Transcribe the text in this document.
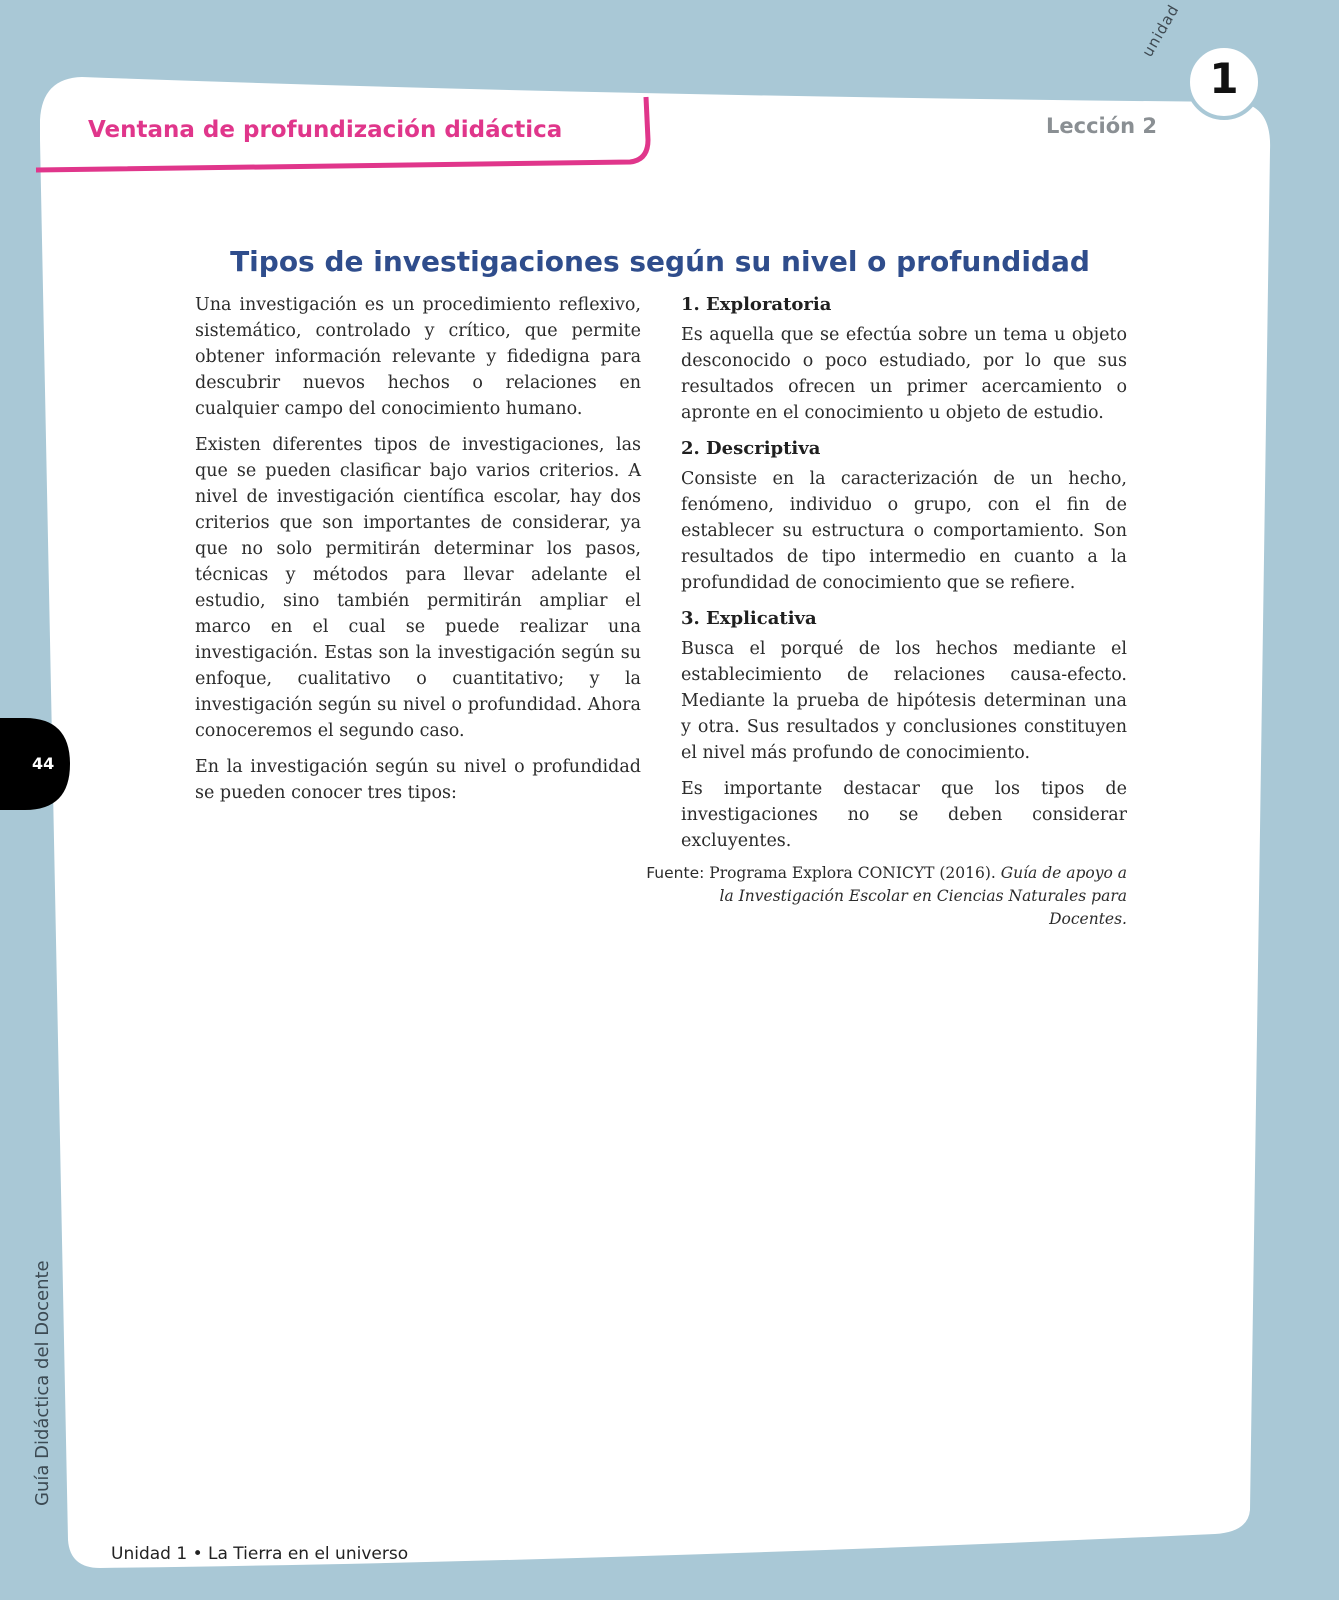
Ventana de profundización didáctica	Lección 2
unidad
1
Tipos de investigaciones según su nivel o profundidad

Una investigación es un procedimiento reflexivo, sistemático, controlado y crítico, que permite obtener información relevante y fidedigna para descubrir nuevos hechos o relaciones en cualquier campo del conocimiento humano.

Existen diferentes tipos de investigaciones, las que se pueden clasificar bajo varios criterios. A nivel de investigación científica escolar, hay dos criterios que son importantes de considerar, ya que no solo permitirán determinar los pasos, técnicas y métodos para llevar adelante el estudio, sino también permitirán ampliar el marco en el cual se puede realizar una investigación. Estas son la investigación según su enfoque, cualitativo o cuantitativo; y la investigación según su nivel o profundidad. Ahora conoceremos el segundo caso.

En la investigación según su nivel o profundidad se pueden conocer tres tipos:

1. Exploratoria

Es aquella que se efectúa sobre un tema u objeto desconocido o poco estudiado, por lo que sus resultados ofrecen un primer acercamiento o apronte en el conocimiento u objeto de estudio.

2. Descriptiva

Consiste en la caracterización de un hecho, fenómeno, individuo o grupo, con el fin de establecer su estructura o comportamiento. Son resultados de tipo intermedio en cuanto a la profundidad de conocimiento que se refiere.

3. Explicativa

Busca el porqué de los hechos mediante el establecimiento de relaciones causa-efecto. Mediante la prueba de hipótesis determinan una y otra. Sus resultados y conclusiones constituyen el nivel más profundo de conocimiento.

Es importante destacar que los tipos de investigaciones no se deben considerar excluyentes.

Fuente: Programa Explora CONICYT (2016). Guía de apoyo a la Investigación Escolar en Ciencias Naturales para Docentes.
44
Guía Didáctica del Docente
Unidad 1 • La Tierra en el universo
